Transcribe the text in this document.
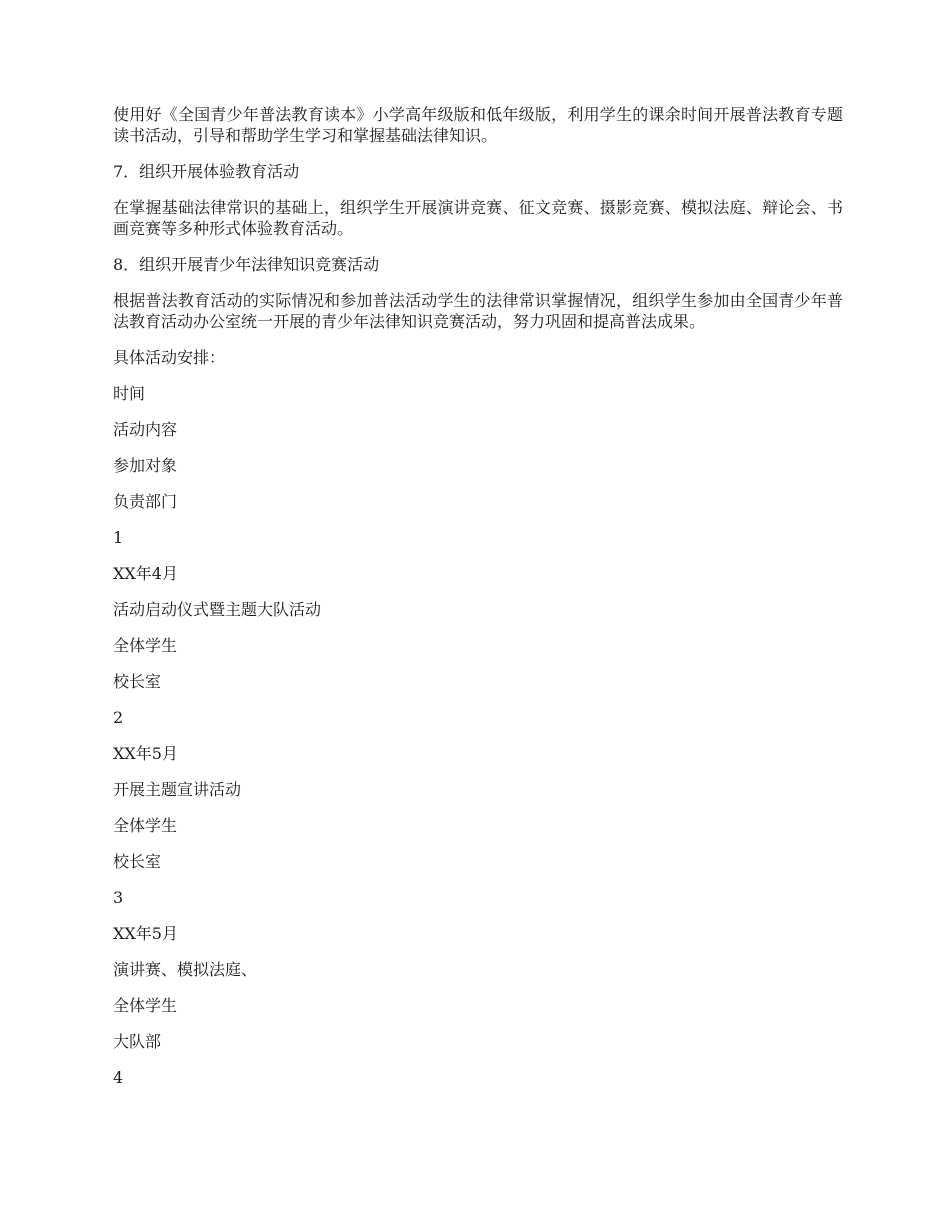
使用好《全国青少年普法教育读本》小学高年级版和低年级版，利用学生的课余时间开展普法教育专题读书活动，引导和帮助学生学习和掌握基础法律知识。

7．组织开展体验教育活动

在掌握基础法律常识的基础上，组织学生开展演讲竞赛、征文竞赛、摄影竞赛、模拟法庭、辩论会、书画竞赛等多种形式体验教育活动。

8．组织开展青少年法律知识竞赛活动

根据普法教育活动的实际情况和参加普法活动学生的法律常识掌握情况，组织学生参加由全国青少年普法教育活动办公室统一开展的青少年法律知识竞赛活动，努力巩固和提高普法成果。

具体活动安排：
时间
活动内容
参加对象
负责部门
1
XX年4月
活动启动仪式暨主题大队活动
全体学生
校长室
2
XX年5月
开展主题宣讲活动
全体学生
校长室
3
XX年5月
演讲赛、模拟法庭、
全体学生
大队部
4
